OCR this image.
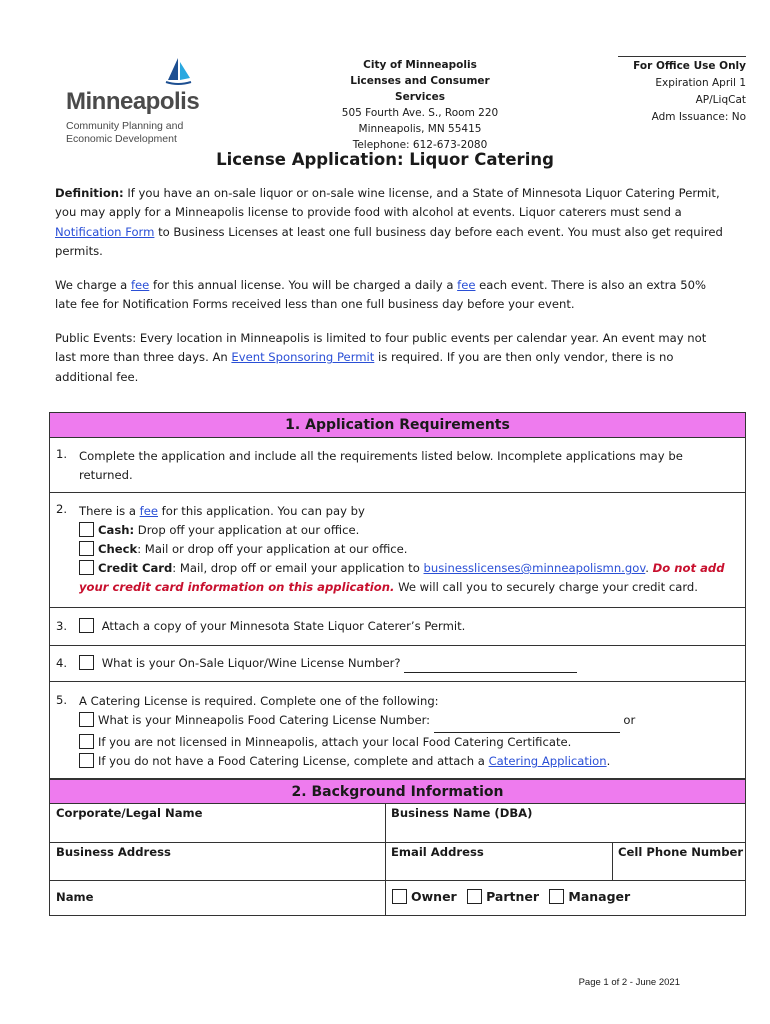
Minneapolis
Community Planning and
Economic Development
City of Minneapolis
Licenses and Consumer Services
505 Fourth Ave. S., Room 220
Minneapolis, MN 55415
Telephone: 612-673-2080
For Office Use Only
Expiration April 1
AP/LiqCat
Adm Issuance: No
License Application: Liquor Catering
Definition: If you have an on-sale liquor or on-sale wine license, and a State of Minnesota Liquor Catering Permit, you may apply for a Minneapolis license to provide food with alcohol at events. Liquor caterers must send a Notification Form to Business Licenses at least one full business day before each event. You must also get required permits.
We charge a fee for this annual license. You will be charged a daily a fee each event. There is also an extra 50% late fee for Notification Forms received less than one full business day before your event.
Public Events: Every location in Minneapolis is limited to four public events per calendar year. An event may not last more than three days. An Event Sponsoring Permit is required. If you are then only vendor, there is no additional fee.
1. Application Requirements
1. Complete the application and include all the requirements listed below. Incomplete applications may be returned.
2. There is a fee for this application. You can pay by
Cash: Drop off your application at our office.
Check: Mail or drop off your application at our office.
Credit Card: Mail, drop off or email your application to businesslicenses@minneapolismn.gov. Do not add your credit card information on this application. We will call you to securely charge your credit card.
3.	Attach a copy of your Minnesota State Liquor Caterer’s Permit.
4.	What is your On-Sale Liquor/Wine License Number?
5. A Catering License is required. Complete one of the following:
What is your Minneapolis Food Catering License Number:	or
If you are not licensed in Minneapolis, attach your local Food Catering Certificate.
If you do not have a Food Catering License, complete and attach a Catering Application.
2. Background Information
Corporate/Legal Name	Business Name (DBA)
Business Address	Email Address	Cell Phone Number
Name	Owner Partner Manager
Page 1 of 2 - June 2021
